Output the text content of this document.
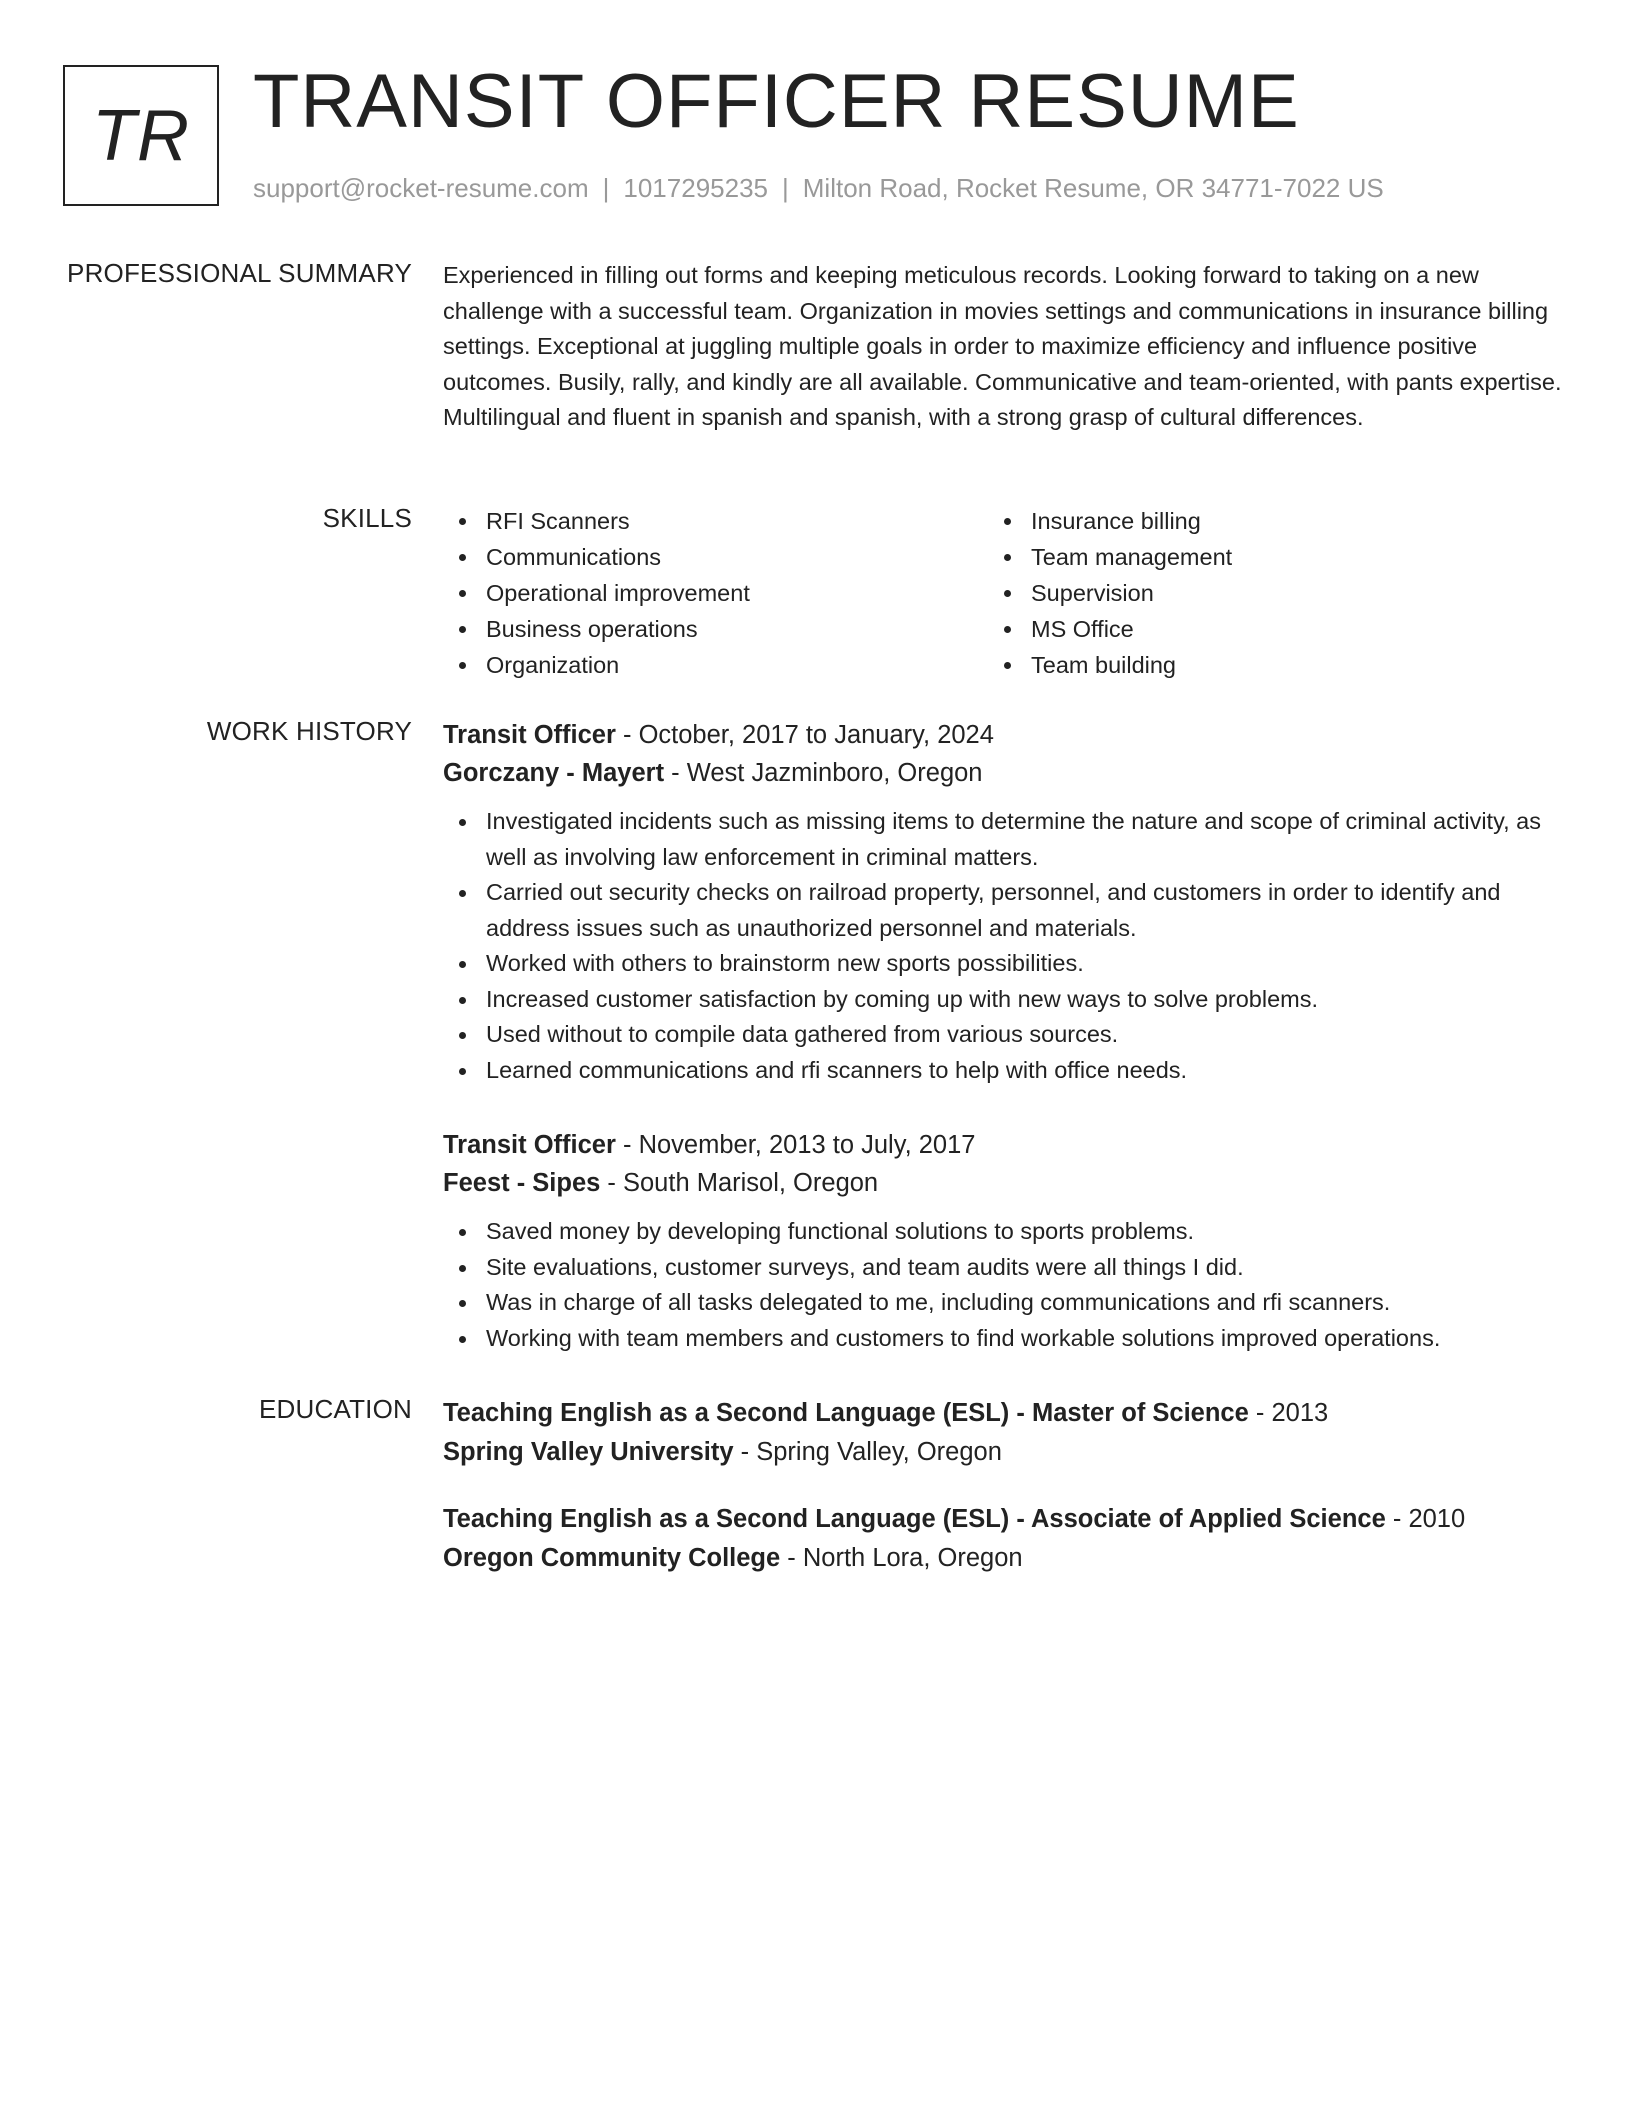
TR TRANSIT OFFICER RESUME
support@rocket-resume.com | 1017295235 | Milton Road, Rocket Resume, OR 34771-7022 US
PROFESSIONAL SUMMARY Experienced in filling out forms and keeping meticulous records. Looking forward to taking on a new challenge with a successful team. Organization in movies settings and communications in insurance billing settings. Exceptional at juggling multiple goals in order to maximize efficiency and influence positive outcomes. Busily, rally, and kindly are all available. Communicative and team-oriented, with pants expertise. Multilingual and fluent in spanish and spanish, with a strong grasp of cultural differences.

SKILLS	RFI Scanners
Communications
Operational improvement
Business operations
Organization
Insurance billing
Team management
Supervision
MS Office
Team building
WORK HISTORY Transit Officer - October, 2017 to January, 2024
Gorczany - Mayert - West Jazminboro, Oregon
Investigated incidents such as missing items to determine the nature and scope of criminal activity, as well as involving law enforcement in criminal matters.
Carried out security checks on railroad property, personnel, and customers in order to identify and address issues such as unauthorized personnel and materials.
Worked with others to brainstorm new sports possibilities.
Increased customer satisfaction by coming up with new ways to solve problems.
Used without to compile data gathered from various sources.
Learned communications and rfi scanners to help with office needs.
Transit Officer - November, 2013 to July, 2017
Feest - Sipes - South Marisol, Oregon
Saved money by developing functional solutions to sports problems.
Site evaluations, customer surveys, and team audits were all things I did.
Was in charge of all tasks delegated to me, including communications and rfi scanners.
Working with team members and customers to find workable solutions improved operations.
EDUCATION Teaching English as a Second Language (ESL) - Master of Science - 2013
Spring Valley University - Spring Valley, Oregon
Teaching English as a Second Language (ESL) - Associate of Applied Science - 2010
Oregon Community College - North Lora, Oregon
